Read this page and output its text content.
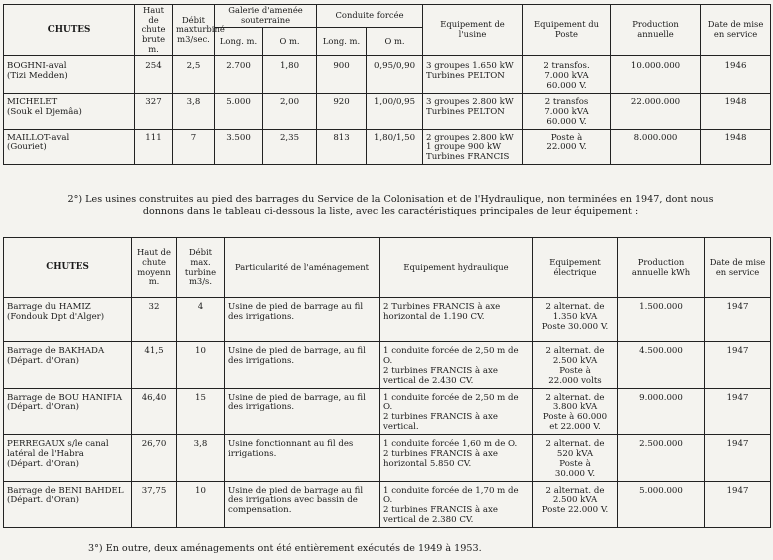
CHUTES	Haut de chute brute m.	Débit maxturbiné m3/sec.	Galerie d'amenée souterraine		Conduite forcée		Equipement de l'usine	Equipement du Poste	Production annuelle	Date de mise en service
			Long. m.	O m.	Long. m.	O m.				
BOGHNI-aval
(Tizi Medden)	254	2,5	2.700	1,80	900	0,95/0,90	3 groupes 1.650 kW
Turbines PELTON	2 transfos.
7.000 kVA
60.000 V.	10.000.000	1946
MICHELET
(Souk el Djemâa)	327	3,8	5.000	2,00	920	1,00/0,95	3 groupes 2.800 kW
Turbines PELTON	2 transfos
7.000 kVA
60.000 V.	22.000.000	1948
MAILLOT-aval
(Gouriet)	111	7	3.500	2,35	813	1,80/1,50	2 groupes 2.800 kW
1 groupe 900 kW
Turbines FRANCIS	Poste à
22.000 V.	8.000.000	1948
2°) Les usines construites au pied des barrages du Service de la Colonisation et de l'Hydraulique, non terminées en 1947, dont nous donnons dans le tableau ci-dessous la liste, avec les caractéristiques principales de leur équipement :
CHUTES	Haut de chute moyenn m.	Débit max. turbine m3/s.	Particularité de l'aménagement	Equipement hydraulique	Equipement électrique	Production annuelle kWh	Date de mise en service
Barrage du HAMIZ
(Fondouk Dpt d'Alger)	32	4	Usine de pied de barrage au fil des irrigations.	2 Turbines FRANCIS à axe horizontal de 1.190 CV.	2 alternat. de
1.350 kVA
Poste 30.000 V.	1.500.000	1947
Barrage de BAKHADA
(Départ. d'Oran)	41,5	10	Usine de pied de barrage, au fil des irrigations.	1 conduite forcée de 2,50 m de O.
2 turbines FRANCIS à axe vertical de 2.430 CV.	2 alternat. de
2.500 kVA
Poste à
22.000 volts	4.500.000	1947
Barrage de BOU HANIFIA
(Départ. d'Oran)	46,40	15	Usine de pied de barrage, au fil des irrigations.	1 conduite forcée de 2,50 m de O.
2 turbines FRANCIS à axe vertical.	2 alternat. de
3.800 kVA
Poste à 60.000
et 22.000 V.	9.000.000	1947
PERREGAUX s/le canal latéral de l'Habra
(Départ. d'Oran)	26,70	3,8	Usine fonctionnant au fil des irrigations.	1 conduite forcée 1,60 m de O.
2 turbines FRANCIS à axe horizontal 5.850 CV.	2 alternat. de
520 kVA
Poste à
30.000 V.	2.500.000	1947
Barrage de BENI BAHDEL (Départ. d'Oran)	37,75	10	Usine de pied de barrage au fil des irrigations avec bassin de compensation.	1 conduite forcée de 1,70 m de O.
2 turbines FRANCIS à axe vertical de 2.380 CV.	2 alternat. de
2.500 kVA
Poste 22.000 V.	5.000.000	1947
3°) En outre, deux aménagements ont été entièrement exécutés de 1949 à 1953.
